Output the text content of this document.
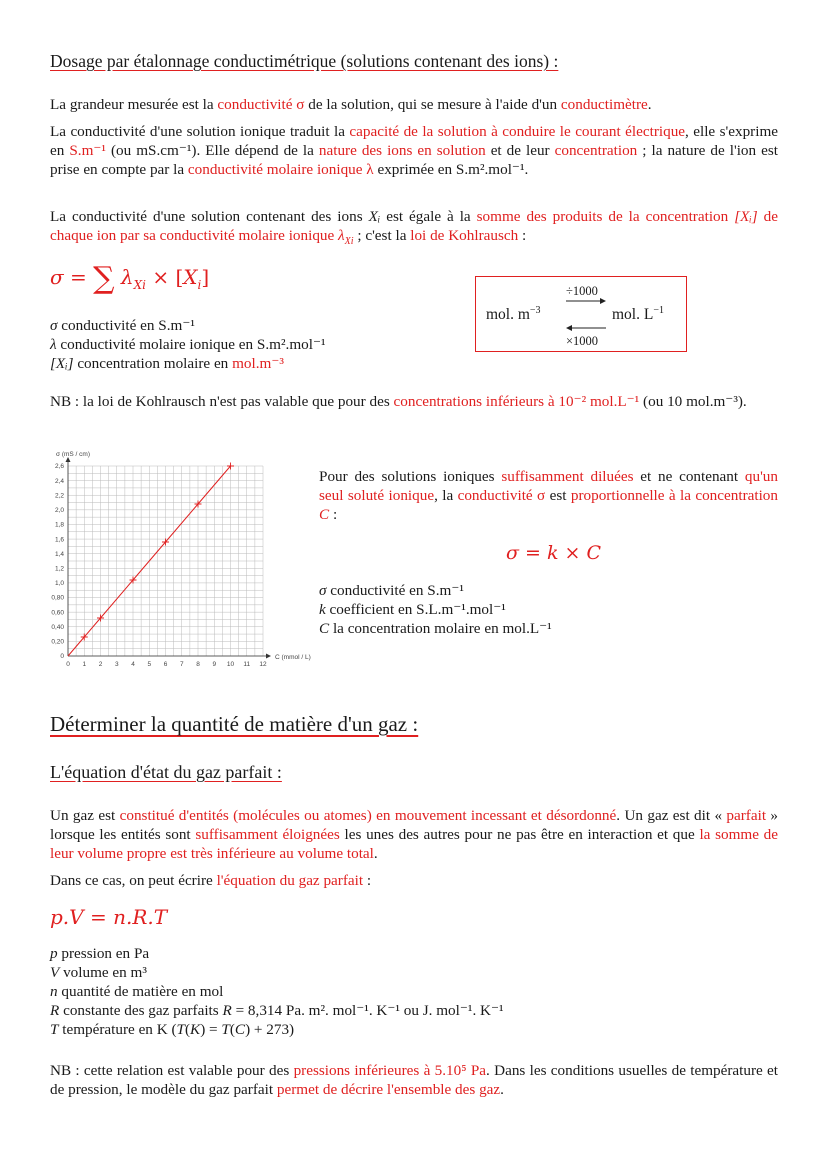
Dosage par étalonnage conductimétrique (solutions contenant des ions) :
La grandeur mesurée est la conductivité σ de la solution, qui se mesure à l'aide d'un conductimètre.
La conductivité d'une solution ionique traduit la capacité de la solution à conduire le courant électrique, elle s'exprime en S.m⁻¹ (ou mS.cm⁻¹). Elle dépend de la nature des ions en solution et de leur concentration ; la nature de l'ion est prise en compte par la conductivité molaire ionique λ exprimée en S.m².mol⁻¹.
La conductivité d'une solution contenant des ions Xᵢ est égale à la somme des produits de la concentration [Xᵢ] de chaque ion par sa conductivité molaire ionique $\lambda_{Xi}$ ; c'est la loi de Kohlrausch :
σ = ∑ $\lambda_{Xi} \times [X_i]$
σ conductivité en S.m⁻¹
λ conductivité molaire ionique en S.m².mol⁻¹
[Xᵢ] concentration molaire en mol.m⁻³
mol. $m^{-3}$	mol. $L^{-1}$
÷1000
×1000
NB : la loi de Kohlrausch n'est pas valable que pour des concentrations inférieurs à 10⁻² mol.L⁻¹ (ou 10 mol.m⁻³).
0 1 2 3 4 5 6 7 8 9 10 11 12
0
0,20
0,40
0,60
0,80
1,0
1,2
1,4
1,6
1,8
2,0
2,2
2,4
2,6
σ (mS / cm)
C (mmol / L)
Pour des solutions ioniques suffisamment diluées et ne contenant qu'un seul soluté ionique, la conductivité σ est proportionnelle à la concentration C :
σ = k × C
σ conductivité en S.m⁻¹
k coefficient en S.L.m⁻¹.mol⁻¹
C la concentration molaire en mol.L⁻¹
Déterminer la quantité de matière d'un gaz :
L'équation d'état du gaz parfait :
Un gaz est constitué d'entités (molécules ou atomes) en mouvement incessant et désordonné. Un gaz est dit « parfait » lorsque les entités sont suffisamment éloignées les unes des autres pour ne pas être en interaction et que la somme de leur volume propre est très inférieure au volume total.
Dans ce cas, on peut écrire l'équation du gaz parfait :
p.V = n.R.T
p pression en Pa
V volume en m³
n quantité de matière en mol
R constante des gaz parfaits R = 8,314 Pa. m². mol⁻¹. K⁻¹ ou J. mol⁻¹. K⁻¹
T température en K (T(K) = T(C) + 273)
NB : cette relation est valable pour des pressions inférieures à 5.10⁵ Pa. Dans les conditions usuelles de température et de pression, le modèle du gaz parfait permet de décrire l'ensemble des gaz.
